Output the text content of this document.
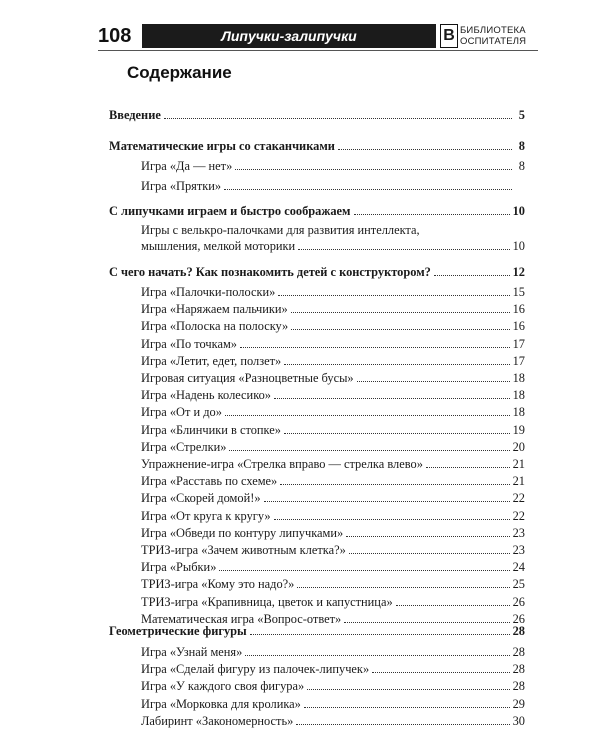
108	Липучки-залипучки	В БИБЛИОТЕКА
ОСПИТАТЕЛЯ
Содержание
Введение	5
Математические игры со стаканчиками	8
Игра «Да — нет»	8
Игра «Прятки»
С липучками играем и быстро соображаем	10
Игры с велькро-палочками для развития интеллекта,
мышления, мелкой моторики	10
С чего начать? Как познакомить детей с конструктором?	12
Игра «Палочки-полоски»	15
Игра «Наряжаем пальчики»	16
Игра «Полоска на полоску»	16
Игра «По точкам»	17
Игра «Летит, едет, ползет»	17
Игровая ситуация «Разноцветные бусы»	18
Игра «Надень колесико»	18
Игра «От и до»	18
Игра «Блинчики в стопке»	19
Игра «Стрелки»	20
Упражнение-игра «Стрелка вправо — стрелка влево»	21
Игра «Расставь по схеме»	21
Игра «Скорей домой!»	22
Игра «От круга к кругу»	22
Игра «Обведи по контуру липучками»	23
ТРИЗ-игра «Зачем животным клетка?»	23
Игра «Рыбки»	24
ТРИЗ-игра «Кому это надо?»	25
ТРИЗ-игра «Крапивница, цветок и капустница»	26
Математическая игра «Вопрос-ответ»	26
Геометрические фигуры	28
Игра «Узнай меня»	28
Игра «Сделай фигуру из палочек-липучек»	28
Игра «У каждого своя фигура»	28
Игра «Морковка для кролика»	29
Лабиринт «Закономерность»	30
